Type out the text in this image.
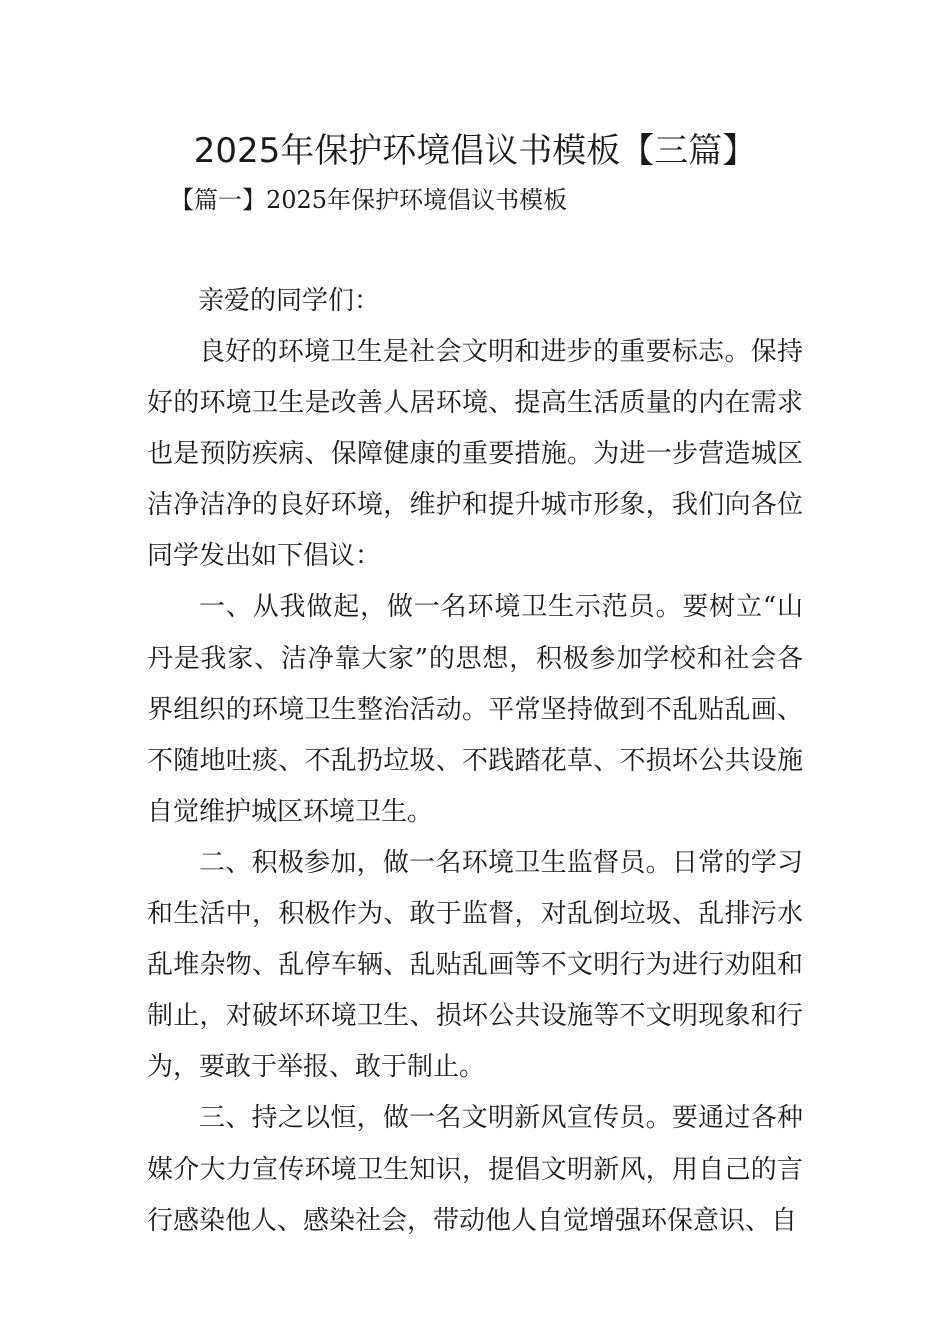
2025年保护环境倡议书模板【三篇】

【篇一】2025年保护环境倡议书模板

亲爱的同学们：

良好的环境卫生是社会文明和进步的重要标志。保持好的环境卫生是改善人居环境、提高生活质量的内在需求也是预防疾病、保障健康的重要措施。为进一步营造城区洁净洁净的良好环境，维护和提升城市形象，我们向各位同学发出如下倡议：

一、从我做起，做一名环境卫生示范员。要树立“山丹是我家、洁净靠大家”的思想，积极参加学校和社会各界组织的环境卫生整治活动。平常坚持做到不乱贴乱画、不随地吐痰、不乱扔垃圾、不践踏花草、不损坏公共设施自觉维护城区环境卫生。

二、积极参加，做一名环境卫生监督员。日常的学习和生活中，积极作为、敢于监督，对乱倒垃圾、乱排污水乱堆杂物、乱停车辆、乱贴乱画等不文明行为进行劝阻和制止，对破坏环境卫生、损坏公共设施等不文明现象和行为，要敢于举报、敢于制止。

三、持之以恒，做一名文明新风宣传员。要通过各种媒介大力宣传环境卫生知识，提倡文明新风，用自己的言行感染他人、感染社会，带动他人自觉增强环保意识、自
